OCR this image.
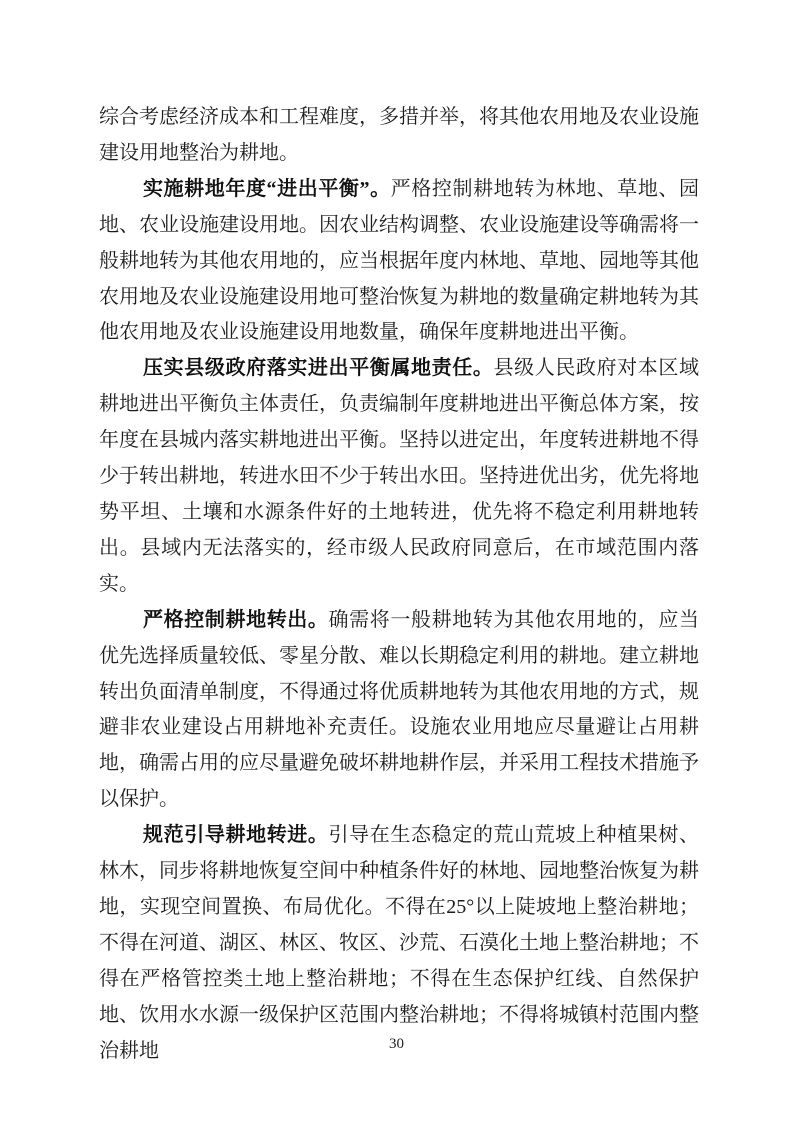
综合考虑经济成本和工程难度，多措并举，将其他农用地及农业设施建设用地整治为耕地。

实施耕地年度“进出平衡”。严格控制耕地转为林地、草地、园地、农业设施建设用地。因农业结构调整、农业设施建设等确需将一般耕地转为其他农用地的，应当根据年度内林地、草地、园地等其他农用地及农业设施建设用地可整治恢复为耕地的数量确定耕地转为其他农用地及农业设施建设用地数量，确保年度耕地进出平衡。

压实县级政府落实进出平衡属地责任。县级人民政府对本区域耕地进出平衡负主体责任，负责编制年度耕地进出平衡总体方案，按年度在县城内落实耕地进出平衡。坚持以进定出，年度转进耕地不得少于转出耕地，转进水田不少于转出水田。坚持进优出劣，优先将地势平坦、土壤和水源条件好的土地转进，优先将不稳定利用耕地转出。县域内无法落实的，经市级人民政府同意后，在市域范围内落实。

严格控制耕地转出。确需将一般耕地转为其他农用地的，应当优先选择质量较低、零星分散、难以长期稳定利用的耕地。建立耕地转出负面清单制度，不得通过将优质耕地转为其他农用地的方式，规避非农业建设占用耕地补充责任。设施农业用地应尽量避让占用耕地，确需占用的应尽量避免破坏耕地耕作层，并采用工程技术措施予以保护。

规范引导耕地转进。引导在生态稳定的荒山荒坡上种植果树、林木，同步将耕地恢复空间中种植条件好的林地、园地整治恢复为耕地，实现空间置换、布局优化。不得在25°以上陡坡地上整治耕地；不得在河道、湖区、林区、牧区、沙荒、石漠化土地上整治耕地；不得在严格管控类土地上整治耕地；不得在生态保护红线、自然保护地、饮用水水源一级保护区范围内整治耕地；不得将城镇村范围内整治耕地	30
